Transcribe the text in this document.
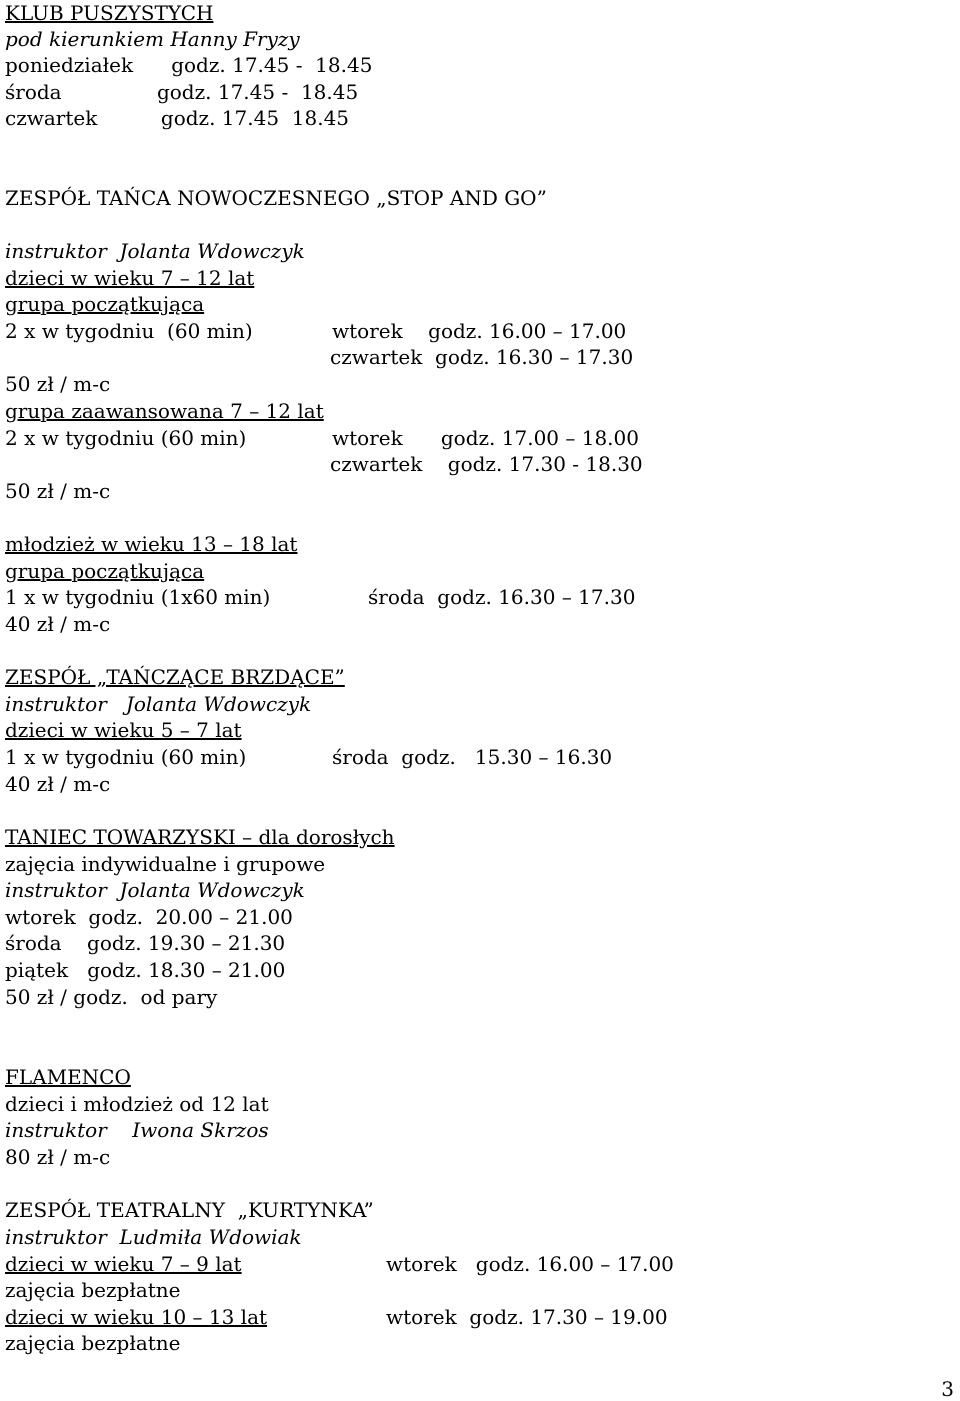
KLUB PUSZYSTYCH
pod kierunkiem Hanny Fryzy
poniedziałek      godz. 17.45 -  18.45
środa               godz. 17.45 -  18.45
czwartek          godz. 17.45  18.45
ZESPÓŁ TAŃCA NOWOCZESNEGO „STOP AND GO”
instruktor  Jolanta Wdowczyk
dzieci w wieku 7 – 12 lat
grupa początkująca
2 x w tygodniu  (60 min)	wtorek    godz. 16.00 – 17.00
czwartek  godz. 16.30 – 17.30
50 zł / m-c
grupa zaawansowana 7 – 12 lat
2 x w tygodniu (60 min)	wtorek      godz. 17.00 – 18.00
czwartek    godz. 17.30 - 18.30
50 zł / m-c
młodzież w wieku 13 – 18 lat
grupa początkująca
1 x w tygodniu (1x60 min)	środa  godz. 16.30 – 17.30
40 zł / m-c
ZESPÓŁ „TAŃCZĄCE BRZDĄCE”
instruktor   Jolanta Wdowczyk
dzieci w wieku 5 – 7 lat
1 x w tygodniu (60 min)	środa  godz.   15.30 – 16.30
40 zł / m-c
TANIEC TOWARZYSKI – dla dorosłych
zajęcia indywidualne i grupowe
instruktor  Jolanta Wdowczyk
wtorek  godz.  20.00 – 21.00
środa    godz. 19.30 – 21.30
piątek   godz. 18.30 – 21.00
50 zł / godz.  od pary
FLAMENCO
dzieci i młodzież od 12 lat
instruktor    Iwona Skrzos
80 zł / m-c
ZESPÓŁ TEATRALNY  „KURTYNKA”
instruktor  Ludmiła Wdowiak
dzieci w wieku 7 – 9 lat	wtorek   godz. 16.00 – 17.00
zajęcia bezpłatne
dzieci w wieku 10 – 13 lat	wtorek  godz. 17.30 – 19.00
zajęcia bezpłatne
3
